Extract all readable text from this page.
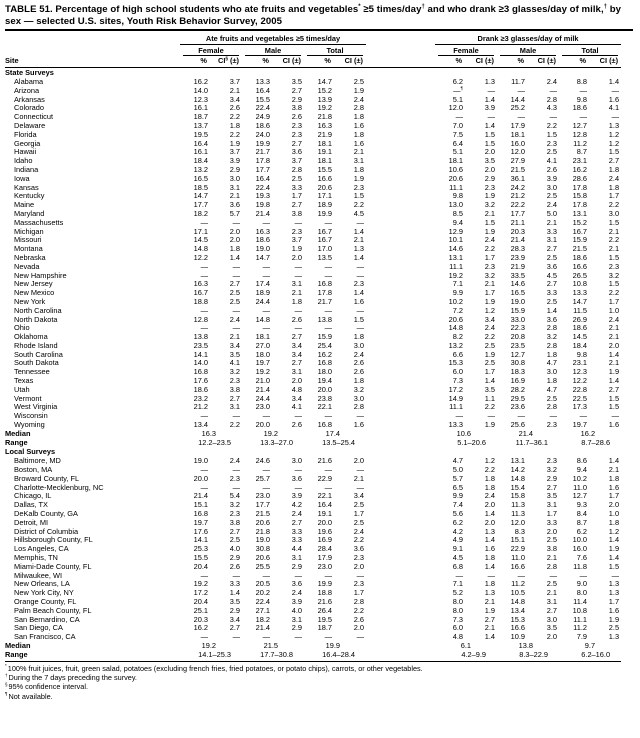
TABLE 51. Percentage of high school students who ate fruits and vegetables* ≥5 times/day† and who drank ≥3 glasses/day of milk,† by sex — selected U.S. sites, Youth Risk Behavior Survey, 2005

	Ate fruits and vegetables ≥5 times/day							Drank ≥3 glasses/day of milk					

	Female		Male		Total			Female		Male		Total	

Site	%	CI§ (±)	%	CI (±)	%	CI (±)		%	CI (±)	%	CI (±)	%	CI (±)
State Surveys													
Alabama	16.2	3.7	13.3	3.5	14.7	2.5		6.2	1.3	11.7	2.4	8.8	1.4
Arizona	14.0	2.1	16.4	2.7	15.2	1.9		—¶	—	—	—	—	—
Arkansas	12.3	3.4	15.5	2.9	13.9	2.4		5.1	1.4	14.4	2.8	9.8	1.6
Colorado	16.1	2.6	22.4	3.8	19.2	2.8		12.0	3.9	25.2	4.3	18.6	4.1
Connecticut	18.7	2.2	24.9	2.6	21.8	1.8		—	—	—	—	—	—
Delaware	13.7	1.8	18.6	2.3	16.3	1.6		7.0	1.4	17.9	2.2	12.7	1.3
Florida	19.5	2.2	24.0	2.3	21.9	1.8		7.5	1.5	18.1	1.5	12.8	1.2
Georgia	16.4	1.9	19.9	2.7	18.1	1.6		6.4	1.5	16.0	2.3	11.2	1.2
Hawaii	16.1	3.7	21.7	3.6	19.1	2.1		5.1	2.0	12.0	2.5	8.7	1.5
Idaho	18.4	3.9	17.8	3.7	18.1	3.1		18.1	3.5	27.9	4.1	23.1	2.7
Indiana	13.2	2.9	17.7	2.8	15.5	1.8		10.6	2.0	21.5	2.6	16.2	1.8
Iowa	16.5	3.0	16.4	2.5	16.6	1.9		20.6	2.9	36.1	3.9	28.6	2.4
Kansas	18.5	3.1	22.4	3.3	20.6	2.3		11.1	2.3	24.2	3.0	17.8	1.8
Kentucky	14.7	2.1	19.3	1.7	17.1	1.5		9.8	1.9	21.2	2.5	15.8	1.7
Maine	17.7	3.6	19.8	2.7	18.9	2.2		13.0	3.2	22.2	2.4	17.8	2.2
Maryland	18.2	5.7	21.4	3.8	19.9	4.5		8.5	2.1	17.7	5.0	13.1	3.0
Massachusetts	—	—	—	—	—	—		9.4	1.5	21.1	2.1	15.2	1.5
Michigan	17.1	2.0	16.3	2.3	16.7	1.4		12.9	1.9	20.3	3.3	16.7	2.1
Missouri	14.5	2.0	18.6	3.7	16.7	2.1		10.1	2.4	21.4	3.1	15.9	2.2
Montana	14.8	1.8	19.0	1.9	17.0	1.3		14.6	2.2	28.3	2.7	21.5	2.1
Nebraska	12.2	1.4	14.7	2.0	13.5	1.4		13.1	1.7	23.9	2.5	18.6	1.5
Nevada	—	—	—	—	—	—		11.1	2.3	21.9	3.6	16.6	2.3
New Hampshire	—	—	—	—	—	—		19.2	3.2	33.5	4.5	26.5	3.2
New Jersey	16.3	2.7	17.4	3.1	16.8	2.3		7.1	2.1	14.6	2.7	10.8	1.5
New Mexico	16.7	2.5	18.9	2.1	17.8	1.4		9.9	1.7	16.5	3.3	13.3	2.2
New York	18.8	2.5	24.4	1.8	21.7	1.6		10.2	1.9	19.0	2.5	14.7	1.7
North Carolina	—	—	—	—	—	—		7.2	1.2	15.9	1.4	11.5	1.0
North Dakota	12.8	2.4	14.8	2.6	13.8	1.5		20.6	3.4	33.0	3.6	26.9	2.4
Ohio	—	—	—	—	—	—		14.8	2.4	22.3	2.8	18.6	2.1
Oklahoma	13.8	2.1	18.1	2.7	15.9	1.8		8.2	2.2	20.8	3.2	14.5	2.1
Rhode Island	23.5	3.4	27.0	3.4	25.4	3.0		13.2	2.5	23.5	2.8	18.4	2.0
South Carolina	14.1	3.5	18.0	3.4	16.2	2.4		6.6	1.9	12.7	1.8	9.8	1.4
South Dakota	14.0	4.1	19.7	2.7	16.8	2.6		15.3	2.5	30.8	4.7	23.1	2.1
Tennessee	16.8	3.2	19.2	3.1	18.0	2.6		6.0	1.7	18.3	3.0	12.3	1.9
Texas	17.6	2.3	21.0	2.0	19.4	1.8		7.3	1.4	16.9	1.8	12.2	1.4
Utah	18.6	3.8	21.4	4.8	20.0	3.2		17.2	3.5	28.2	4.7	22.8	2.7
Vermont	23.2	2.7	24.4	3.4	23.8	3.0		14.9	1.1	29.5	2.5	22.5	1.5
West Virginia	21.2	3.1	23.0	4.1	22.1	2.8		11.1	2.2	23.6	2.8	17.3	1.5
Wisconsin	—	—	—	—	—	—		—	—	—	—	—	—
Wyoming	13.4	2.2	20.0	2.6	16.8	1.6		13.3	1.9	25.6	2.3	19.7	1.6
Median	16.3		19.2		17.4			10.6		21.4		16.2	
Range	12.2–23.5		13.3–27.0		13.5–25.4			5.1–20.6		11.7–36.1		8.7–28.6	
Local Surveys													
Baltimore, MD	19.0	2.4	24.6	3.0	21.6	2.0		4.7	1.2	13.1	2.3	8.6	1.4
Boston, MA	—	—	—	—	—	—		5.0	2.2	14.2	3.2	9.4	2.1
Broward County, FL	20.0	2.3	25.7	3.6	22.9	2.1		5.7	1.8	14.8	2.9	10.2	1.8
Charlotte-Mecklenburg, NC	—	—	—	—	—	—		6.5	1.8	15.4	2.7	11.0	1.6
Chicago, IL	21.4	5.4	23.0	3.9	22.1	3.4		9.9	2.4	15.8	3.5	12.7	1.7
Dallas, TX	15.1	3.2	17.7	4.2	16.4	2.5		7.4	2.0	11.3	3.1	9.3	2.0
DeKalb County, GA	16.8	2.3	21.5	2.4	19.1	1.7		5.6	1.4	11.3	1.7	8.4	1.0
Detroit, MI	19.7	3.8	20.6	2.7	20.0	2.5		6.2	2.0	12.0	3.3	8.7	1.8
District of Columbia	17.6	2.7	21.8	3.3	19.6	2.4		4.2	1.3	8.3	2.0	6.2	1.2
Hillsborough County, FL	14.1	2.5	19.0	3.3	16.9	2.2		4.9	1.4	15.1	2.5	10.0	1.4
Los Angeles, CA	25.3	4.0	30.8	4.4	28.4	3.6		9.1	1.6	22.9	3.8	16.0	1.9
Memphis, TN	15.5	2.9	20.6	3.1	17.9	2.3		4.5	1.8	11.0	2.1	7.6	1.4
Miami-Dade County, FL	20.4	2.6	25.5	2.9	23.0	2.0		6.8	1.4	16.6	2.8	11.8	1.5
Milwaukee, WI	—	—	—	—	—	—		—	—	—	—	—	—
New Orleans, LA	19.2	3.3	20.5	3.6	19.9	2.3		7.1	1.8	11.2	2.5	9.0	1.3
New York City, NY	17.2	1.4	20.2	2.4	18.8	1.7		5.2	1.3	10.5	2.1	8.0	1.3
Orange County, FL	20.4	3.5	22.4	3.9	21.6	2.8		8.0	2.1	14.8	3.1	11.4	1.7
Palm Beach County, FL	25.1	2.9	27.1	4.0	26.4	2.2		8.0	1.9	13.4	2.7	10.8	1.6
San Bernardino, CA	20.3	3.4	18.2	3.1	19.5	2.6		7.3	2.7	15.3	3.0	11.1	1.9
San Diego, CA	16.2	2.7	21.4	2.9	18.7	2.0		6.0	2.1	16.6	3.5	11.2	2.5
San Francisco, CA	—	—	—	—	—	—		4.8	1.4	10.9	2.0	7.9	1.3
Median	19.2		21.5		19.9			6.1		13.8		9.7	
Range	14.1–25.3		17.7–30.8		16.4–28.4			4.2–9.9		8.3–22.9		6.2–16.0	
*100% fruit juices, fruit, green salad, potatoes (excluding french fries, fried potatoes, or potato chips), carrots, or other vegetables.
†During the 7 days preceding the survey.
§95% confidence interval.
¶Not available.
